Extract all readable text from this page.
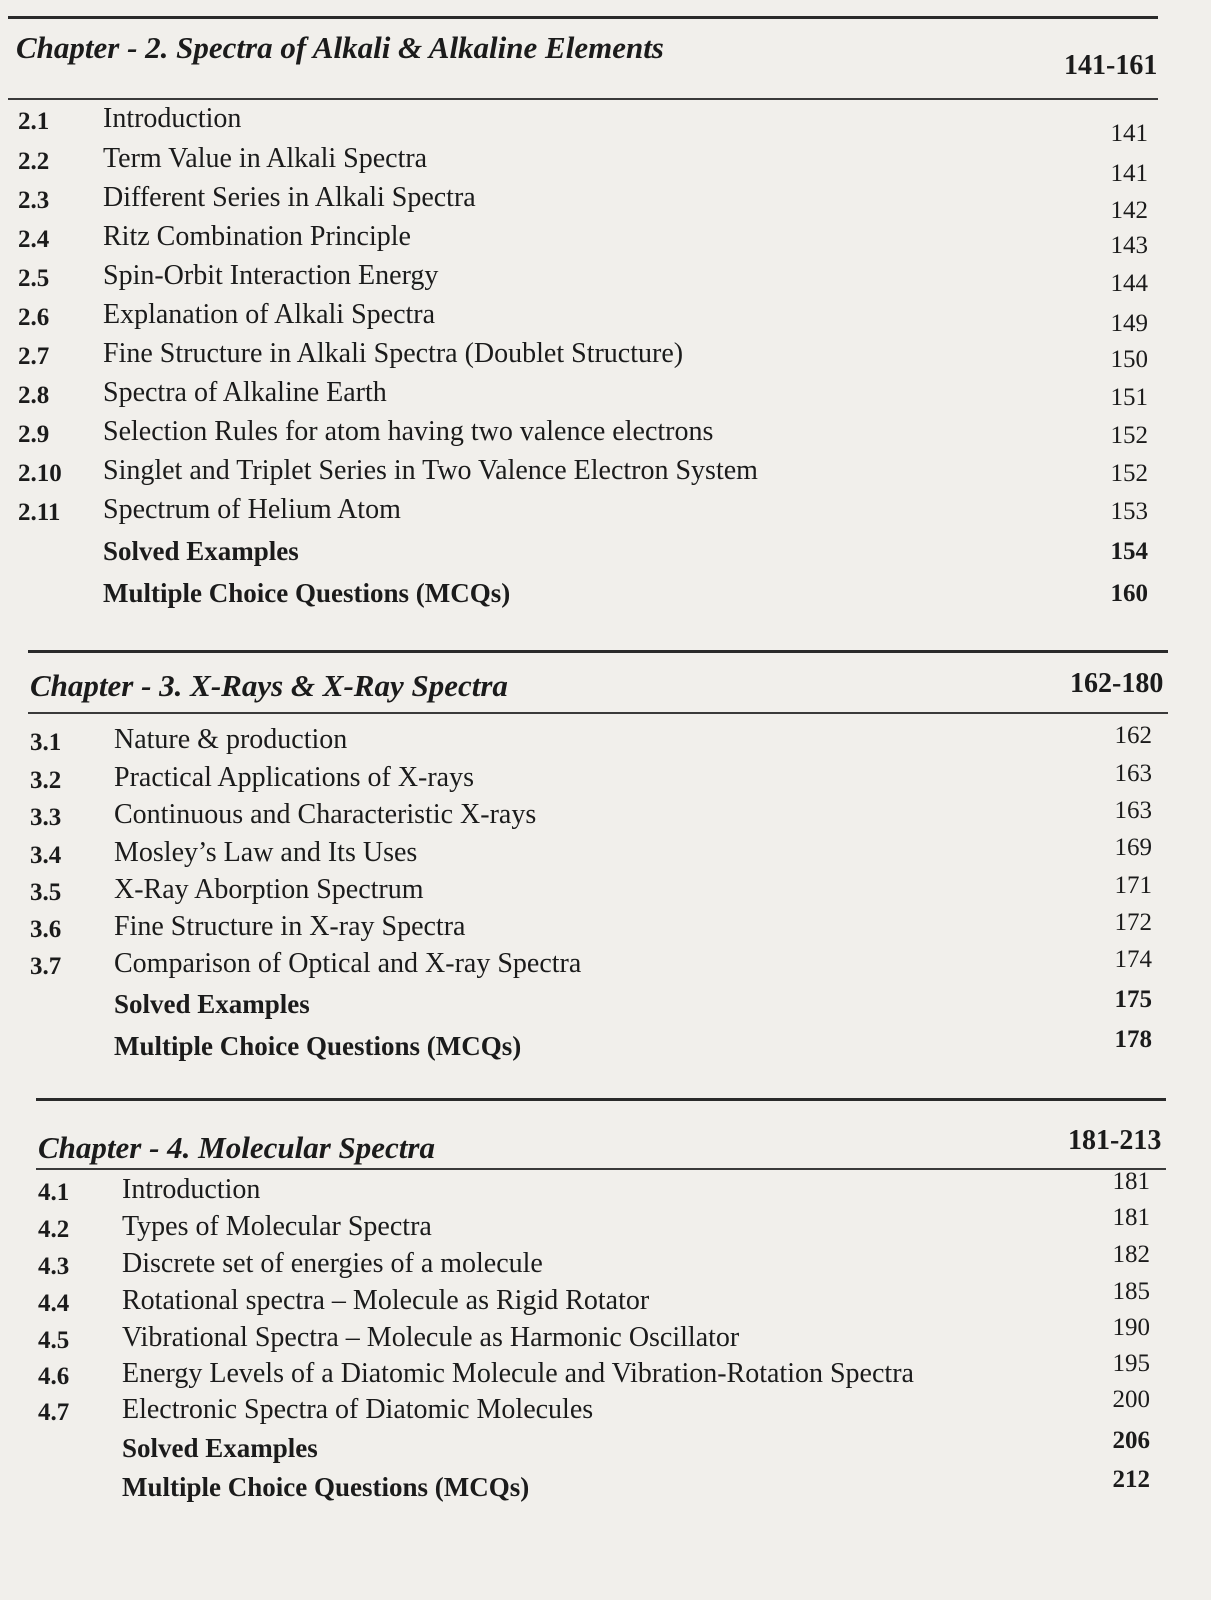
Chapter - 2. Spectra of Alkali & Alkaline Elements
141-161
2.1 Introduction	141
2.2 Term Value in Alkali Spectra	141
2.3 Different Series in Alkali Spectra	142
2.4 Ritz Combination Principle	143
2.5 Spin-Orbit Interaction Energy	144
2.6 Explanation of Alkali Spectra	149
2.7 Fine Structure in Alkali Spectra (Doublet Structure)	150
2.8 Spectra of Alkaline Earth	151
2.9 Selection Rules for atom having two valence electrons	152
2.10 Singlet and Triplet Series in Two Valence Electron System	152
2.11 Spectrum of Helium Atom	153
Solved Examples	154
Multiple Choice Questions (MCQs)	160
Chapter - 3. X-Rays & X-Ray Spectra	162-180
3.1 Nature & production	162
3.2 Practical Applications of X-rays	163
3.3 Continuous and Characteristic X-rays	163
3.4 Mosley’s Law and Its Uses	169
3.5 X-Ray Aborption Spectrum	171
3.6 Fine Structure in X-ray Spectra	172
3.7 Comparison of Optical and X-ray Spectra	174
Solved Examples	175
Multiple Choice Questions (MCQs)	178
Chapter - 4. Molecular Spectra	181-213
4.1 Introduction	181
4.2 Types of Molecular Spectra	181
4.3 Discrete set of energies of a molecule	182
4.4 Rotational spectra – Molecule as Rigid Rotator	185
4.5 Vibrational Spectra – Molecule as Harmonic Oscillator	190
4.6 Energy Levels of a Diatomic Molecule and Vibration-Rotation Spectra	195
4.7 Electronic Spectra of Diatomic Molecules	200
Solved Examples	206
Multiple Choice Questions (MCQs)	212
